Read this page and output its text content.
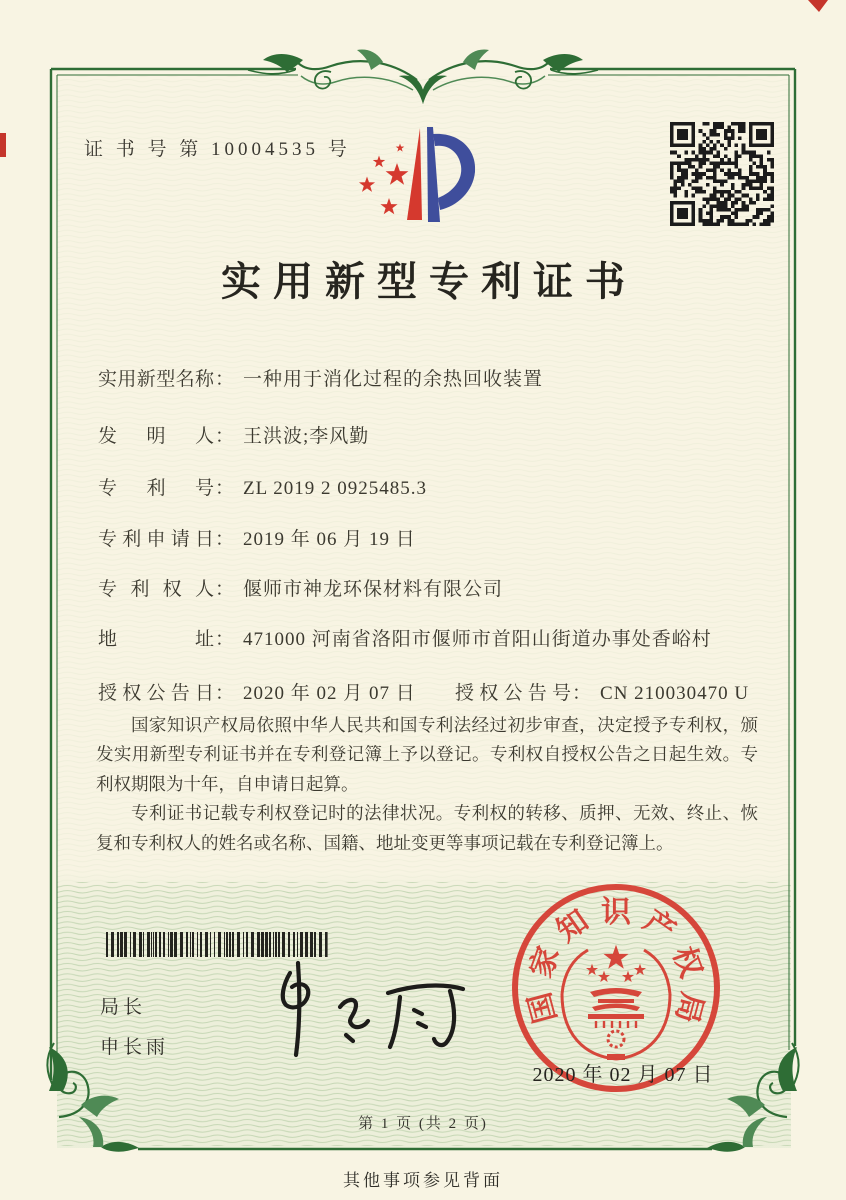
证 书 号 第 10004535 号
实用新型专利证书
实用新型名称： 一种用于消化过程的余热回收装置
发明人： 王洪波;李风勤
专利号： ZL 2019 2 0925485.3
专利申请日： 2019 年 06 月 19 日
专利权人： 偃师市神龙环保材料有限公司
地址： 471000 河南省洛阳市偃师市首阳山街道办事处香峪村
授权公告日： 2020 年 02 月 07 日 授权公告号： CN 210030470 U

国家知识产权局依照中华人民共和国专利法经过初步审查，决定授予专利权，颁发实用新型专利证书并在专利登记簿上予以登记。专利权自授权公告之日起生效。专利权期限为十年，自申请日起算。

专利证书记载专利权登记时的法律状况。专利权的转移、质押、无效、终止、恢复和专利权人的姓名或名称、国籍、地址变更等事项记载在专利登记簿上。

局长
申长雨
国
家
知 识 产
权
局
2020 年 02 月 07 日
第 1 页 (共 2 页)
其他事项参见背面
